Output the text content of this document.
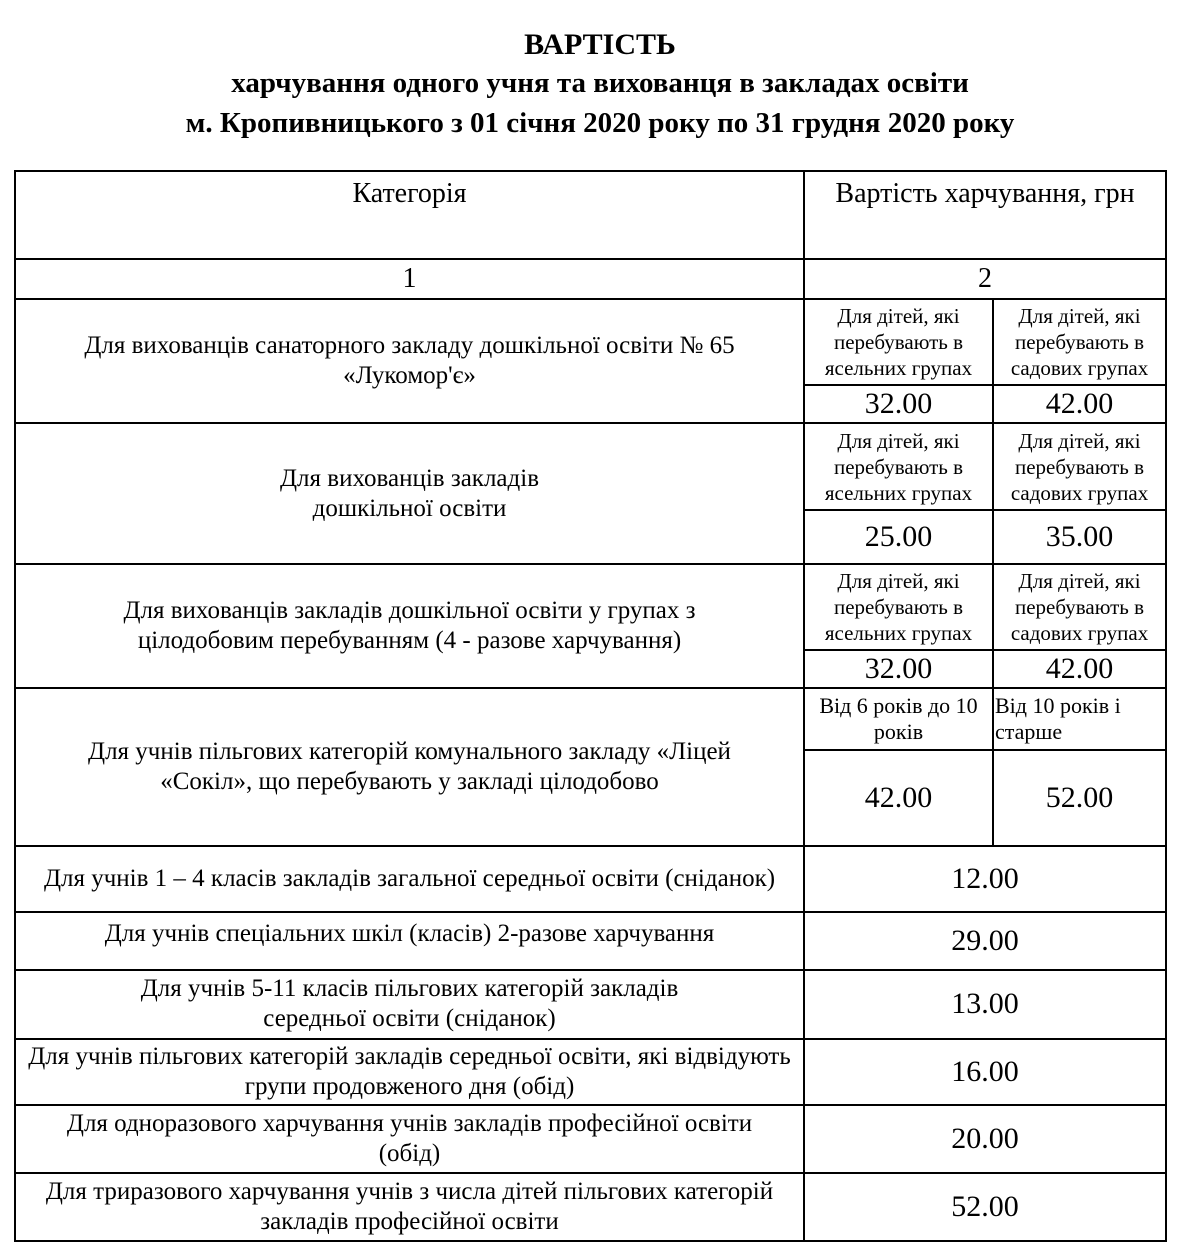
ВАРТІСТЬ
харчування одного учня та вихованця в закладах освіти
м. Кропивницького з 01 січня 2020 року по 31 грудня 2020 року
Категорія	Вартість харчування, грн	
1	2	
Для вихованців санаторного закладу дошкільної освіти № 65 «Лукомор'є»	Для дітей, які перебувають в ясельних групах	Для дітей, які перебувають в садових групах
	32.00	42.00
Для вихованців закладів дошкільної освіти	Для дітей, які перебувають в ясельних групах	Для дітей, які перебувають в садових групах
	25.00	35.00
Для вихованців закладів дошкільної освіти у групах з цілодобовим перебуванням (4 - разове харчування)	Для дітей, які перебувають в ясельних групах	Для дітей, які перебувають в садових групах
	32.00	42.00
Для учнів пільгових категорій комунального закладу «Ліцей «Сокіл», що перебувають у закладі цілодобово	Від 6 років до 10 років	Від 10 років і старше
	42.00	52.00
Для учнів 1 – 4 класів закладів загальної середньої освіти (сніданок)	12.00	
Для учнів спеціальних шкіл (класів) 2-разове харчування	29.00	
Для учнів 5-11 класів пільгових категорій закладів середньої освіти (сніданок)	13.00	
Для учнів пільгових категорій закладів середньої освіти, які відвідують групи продовженого дня (обід)	16.00	
Для одноразового харчування учнів закладів професійної освіти (обід)	20.00	
Для триразового харчування учнів з числа дітей пільгових категорій закладів професійної освіти	52.00	
